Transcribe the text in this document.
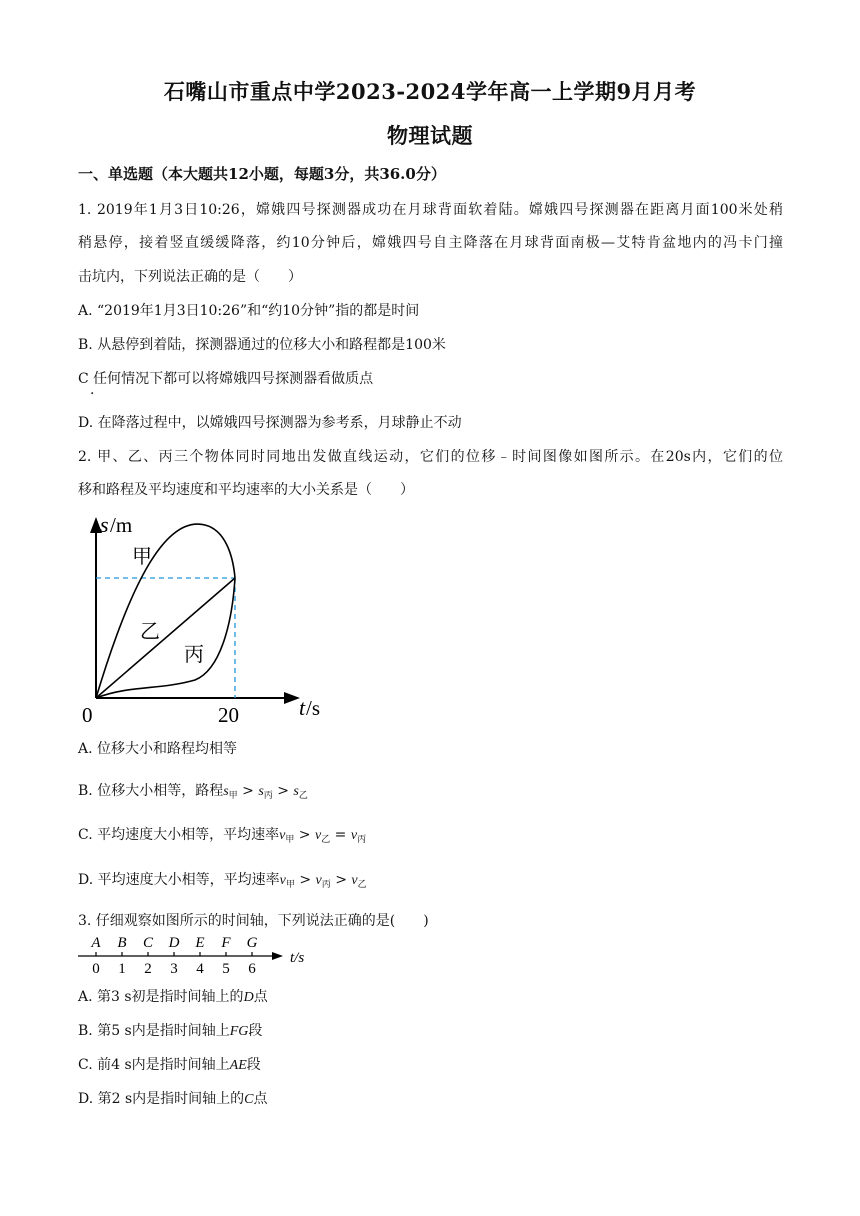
石嘴山市重点中学2023-2024学年高一上学期9月月考
物理试题
一、单选题（本大题共12小题，每题3分，共36.0分）
1. 2019年1月3日10:26，嫦娥四号探测器成功在月球背面软着陆。嫦娥四号探测器在距离月面100米处稍
稍悬停，接着竖直缓缓降落，约10分钟后，嫦娥四号自主降落在月球背面南极—艾特肯盆地内的冯卡门撞
击坑内，下列说法正确的是（　　）
A. “2019年1月3日10:26”和“约10分钟”指的都是时间
B. 从悬停到着陆，探测器通过的位移大小和路程都是100米
C 任何情况下都可以将嫦娥四号探测器看做质点
·
D. 在降落过程中，以嫦娥四号探测器为参考系，月球静止不动
2. 甲、乙、丙三个物体同时同地出发做直线运动，它们的位移﹣时间图像如图所示。在20s内，它们的位
移和路程及平均速度和平均速率的大小关系是（　　）
s /m
t /s
0	20
甲
乙
丙
A. 位移大小和路程均相等
B. 位移大小相等，路程$s_甲 > s_丙 > s_乙$
C. 平均速度大小相等，平均速率$v_甲 > v_乙 = v_丙$
D. 平均速度大小相等，平均速率$v_甲 > v_丙 > v_乙$
3. 仔细观察如图所示的时间轴，下列说法正确的是(　　)
A
0
B
1
C
2
D
3
E
4
F
5
G
6
t/s
A. 第3 s初是指时间轴上的D点
B. 第5 s内是指时间轴上FG段
C. 前4 s内是指时间轴上AE段
D. 第2 s内是指时间轴上的C点
